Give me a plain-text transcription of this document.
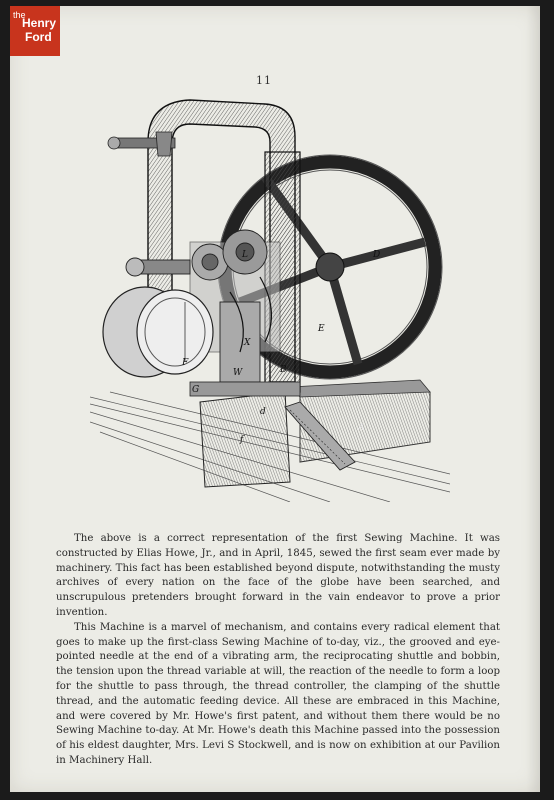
the
Henry
Ford
11
D
E
L
X
W	B
F
A
G
d
f

The above is a correct representation of the first Sewing Machine. It was constructed by Elias Howe, Jr., and in April, 1845, sewed the first seam ever made by machinery. This fact has been established beyond dispute, notwithstanding the musty archives of every nation on the face of the globe have been searched, and unscrupulous pretenders brought forward in the vain endeavor to prove a prior invention.

This Machine is a marvel of mechanism, and contains every radical element that goes to make up the first-class Sewing Machine of to-day, viz., the grooved and eye-pointed needle at the end of a vibrating arm, the reciprocating shuttle and bobbin, the tension upon the thread variable at will, the reaction of the needle to form a loop for the shuttle to pass through, the thread controller, the clamping of the shuttle thread, and the automatic feeding device. All these are embraced in this Machine, and were covered by Mr. Howe's first patent, and without them there would be no Sewing Machine to-day. At Mr. Howe's death this Machine passed into the possession of his eldest daughter, Mrs. Levi S Stockwell, and is now on exhibition at our Pavilion in Machinery Hall.
